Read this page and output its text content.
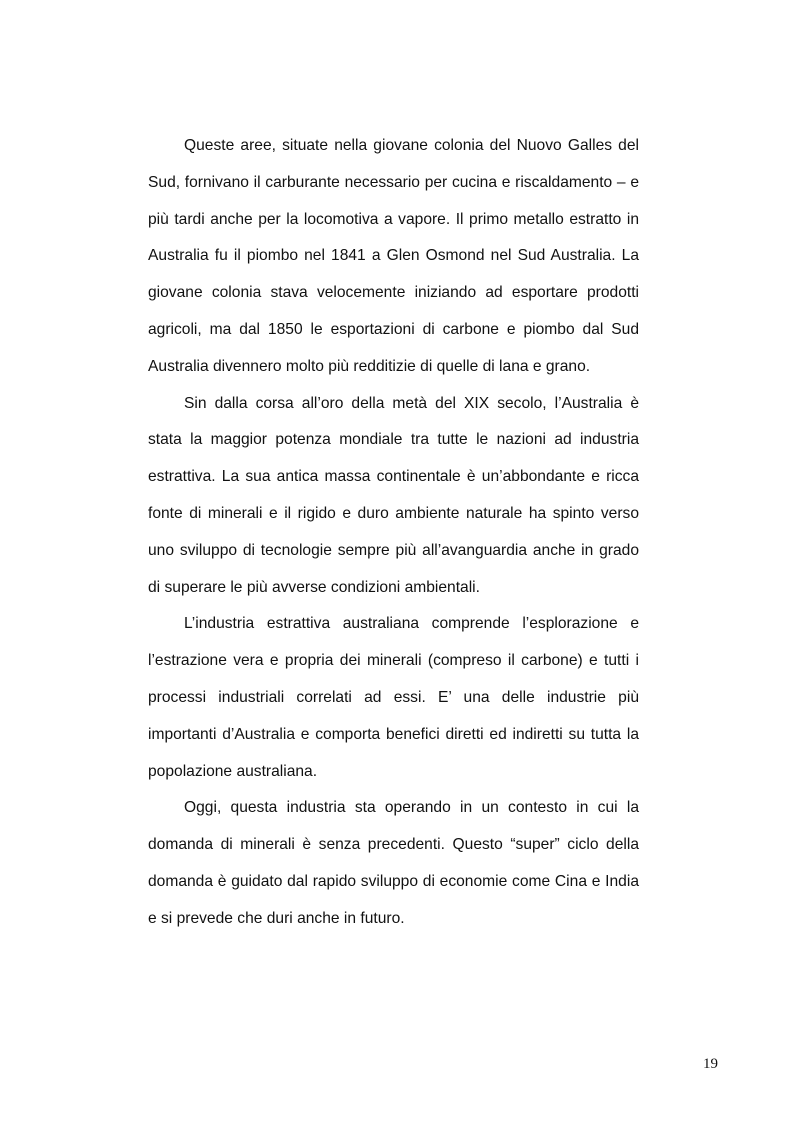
Queste aree, situate nella giovane colonia del Nuovo Galles del Sud, fornivano il carburante necessario per cucina e riscaldamento – e più tardi anche per la locomotiva a vapore. Il primo metallo estratto in Australia fu il piombo nel 1841 a Glen Osmond nel Sud Australia. La giovane colonia stava velocemente iniziando ad esportare prodotti agricoli, ma dal 1850 le esportazioni di carbone e piombo dal Sud Australia divennero molto più redditizie di quelle di lana e grano.

Sin dalla corsa all’oro della metà del XIX secolo, l’Australia è stata la maggior potenza mondiale tra tutte le nazioni ad industria estrattiva. La sua antica massa continentale è un’abbondante e ricca fonte di minerali e il rigido e duro ambiente naturale ha spinto verso uno sviluppo di tecnologie sempre più all’avanguardia anche in grado di superare le più avverse condizioni ambientali.

L’industria estrattiva australiana comprende l’esplorazione e l’estrazione vera e propria dei minerali (compreso il carbone) e tutti i processi industriali correlati ad essi. E’ una delle industrie più importanti d’Australia e comporta benefici diretti ed indiretti su tutta la popolazione australiana.

Oggi, questa industria sta operando in un contesto in cui la domanda di minerali è senza precedenti. Questo “super” ciclo della domanda è guidato dal rapido sviluppo di economie come Cina e India e si prevede che duri anche in futuro.

19
